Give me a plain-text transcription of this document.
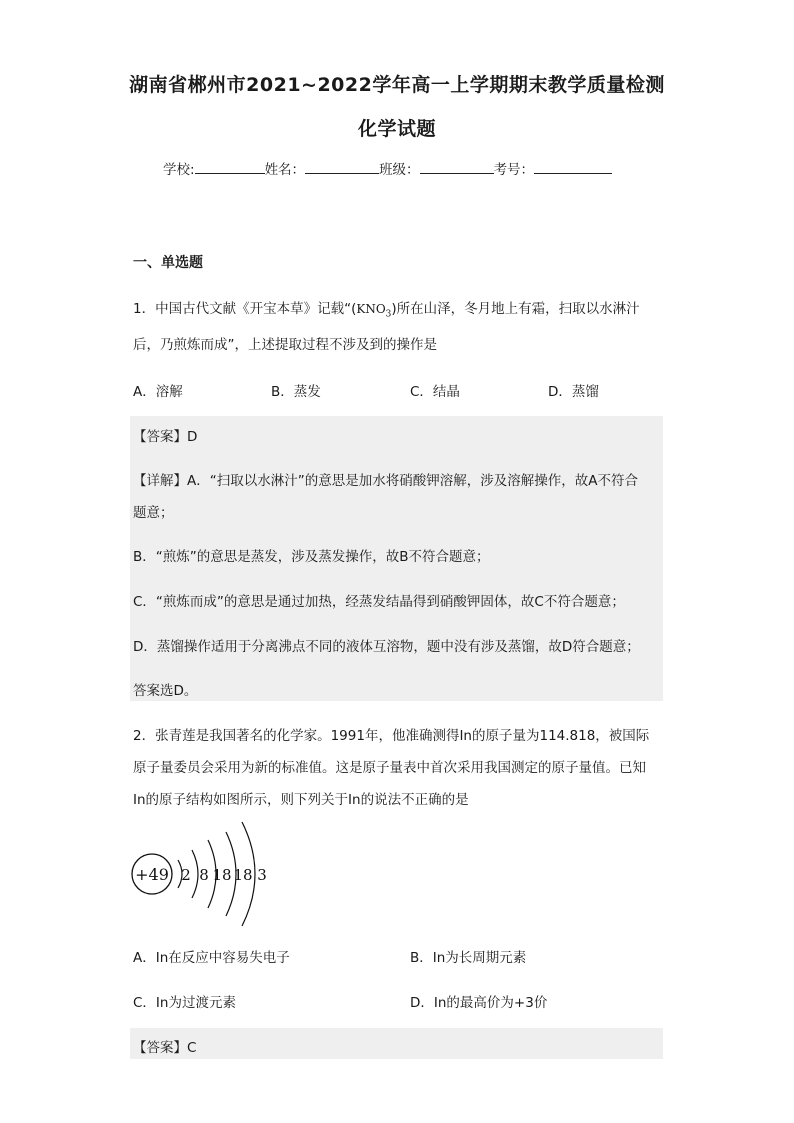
湖南省郴州市2021~2022学年高一上学期期末教学质量检测
化学试题
学校:	姓名：	班级：	考号：
一、单选题
1．中国古代文献《开宝本草》记载“$(KNO_3)$所在山泽，冬月地上有霜，扫取以水淋汁
后，乃煎炼而成”，上述提取过程不涉及到的操作是
A．溶解	B．蒸发	C．结晶	D．蒸馏
【答案】D
【详解】A．“扫取以水淋汁”的意思是加水将硝酸钾溶解，涉及溶解操作，故A不符合
题意；
B．“煎炼”的意思是蒸发，涉及蒸发操作，故B不符合题意；
C．“煎炼而成”的意思是通过加热，经蒸发结晶得到硝酸钾固体，故C不符合题意；
D．蒸馏操作适用于分离沸点不同的液体互溶物，题中没有涉及蒸馏，故D符合题意；
答案选D。
2．张青莲是我国著名的化学家。1991年，他准确测得In的原子量为114.818，被国际
原子量委员会采用为新的标准值。这是原子量表中首次采用我国测定的原子量值。已知
In的原子结构如图所示，则下列关于In的说法不正确的是
+49 2 8 18 18 3
A．In在反应中容易失电子	B．In为长周期元素
C．In为过渡元素	D．In的最高价为+3价
【答案】C
